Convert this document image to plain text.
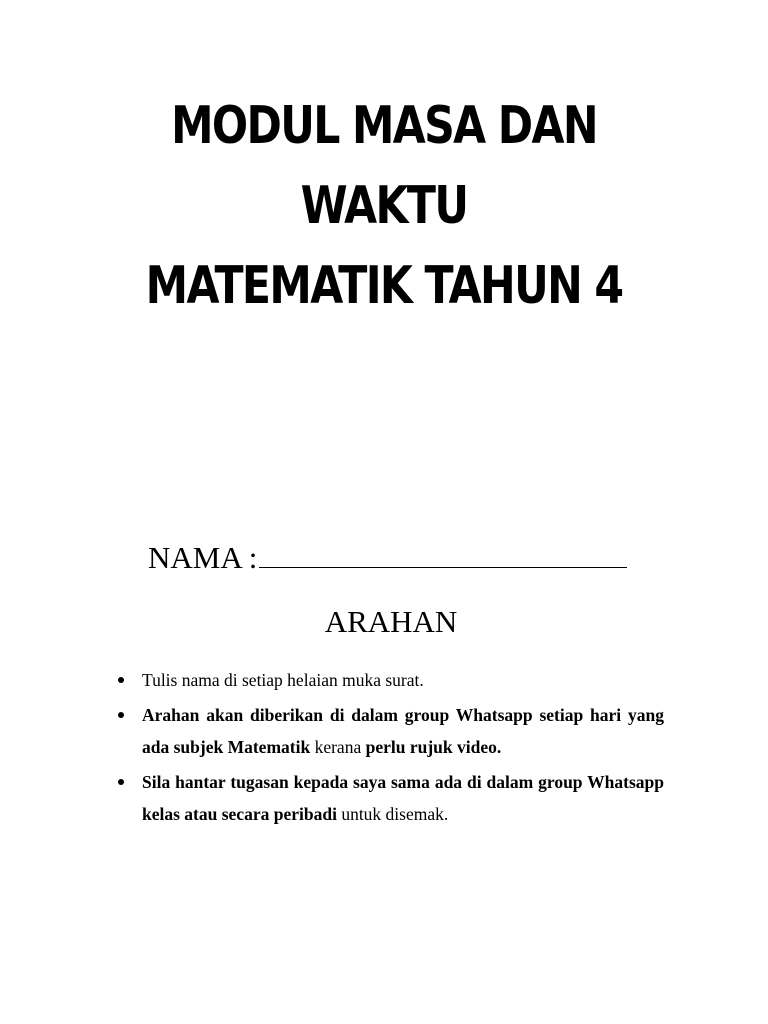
MODUL MASA DAN
WAKTU
MATEMATIK TAHUN 4
NAMA :
ARAHAN
Tulis nama di setiap helaian muka surat.
Arahan akan diberikan di dalam group Whatsapp setiap hari yang ada subjek Matematik kerana perlu rujuk video.
Sila hantar tugasan kepada saya sama ada di dalam group Whatsapp kelas atau secara peribadi untuk disemak.
